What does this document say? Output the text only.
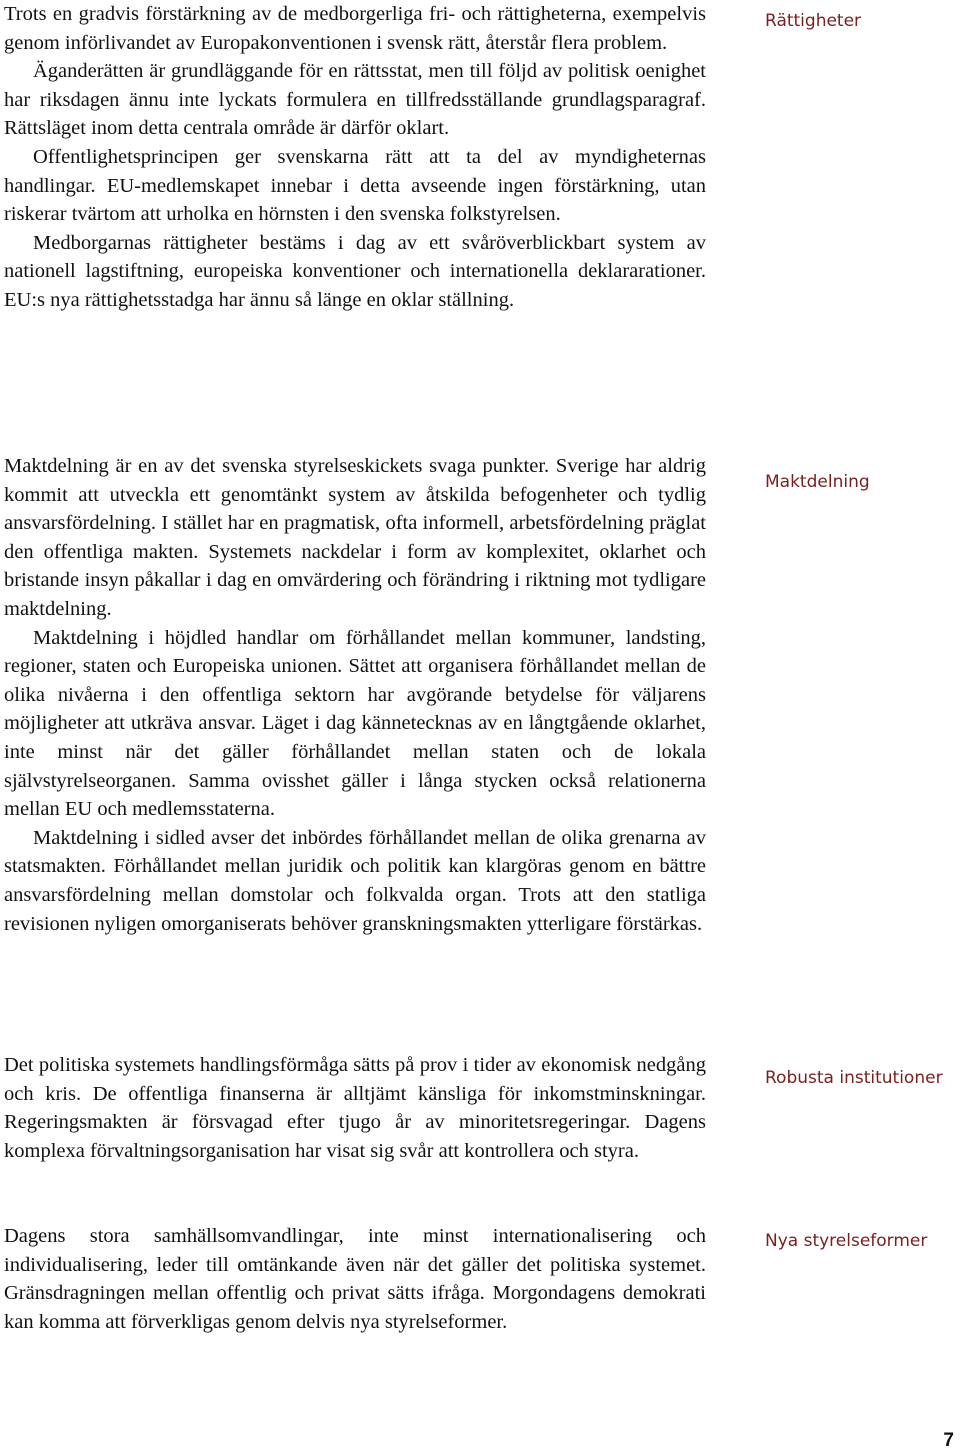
Trots en gradvis förstärkning av de medborgerliga fri- och rättigheterna, exempelvis genom införlivandet av Europakonventionen i svensk rätt, återstår flera problem.

Äganderätten är grundläggande för en rättsstat, men till följd av politisk oenighet har riksdagen ännu inte lyckats formulera en tillfredsställande grundlagsparagraf. Rättsläget inom detta centrala område är därför oklart.

Offentlighetsprincipen ger svenskarna rätt att ta del av myndigheternas handlingar. EU-medlemskapet innebar i detta avseende ingen förstärkning, utan riskerar tvärtom att urholka en hörnsten i den svenska folkstyrelsen.

Medborgarnas rättigheter bestäms i dag av ett svåröverblickbart system av nationell lagstiftning, europeiska konventioner och internationella deklararationer. EU:s nya rättighetsstadga har ännu så länge en oklar ställning.

Rättigheter

Maktdelning är en av det svenska styrelseskickets svaga punkter. Sverige har aldrig kommit att utveckla ett genomtänkt system av åtskilda befogenheter och tydlig ansvarsfördelning. I stället har en pragmatisk, ofta informell, arbetsfördelning präglat den offentliga makten. Systemets nackdelar i form av komplexitet, oklarhet och bristande insyn påkallar i dag en omvärdering och förändring i riktning mot tydligare maktdelning.

Maktdelning i höjdled handlar om förhållandet mellan kommuner, landsting, regioner, staten och Europeiska unionen. Sättet att organisera förhållandet mellan de olika nivåerna i den offentliga sektorn har avgörande betydelse för väljarens möjligheter att utkräva ansvar. Läget i dag kännetecknas av en långtgående oklarhet, inte minst när det gäller förhållandet mellan staten och de lokala självstyrelseorganen. Samma ovisshet gäller i långa stycken också relationerna mellan EU och medlemsstaterna.

Maktdelning i sidled avser det inbördes förhållandet mellan de olika grenarna av statsmakten. Förhållandet mellan juridik och politik kan klargöras genom en bättre ansvarsfördelning mellan domstolar och folkvalda organ. Trots att den statliga revisionen nyligen omorganiserats behöver granskningsmakten ytterligare förstärkas.

Maktdelning

Det politiska systemets handlingsförmåga sätts på prov i tider av ekonomisk nedgång och kris. De offentliga finanserna är alltjämt känsliga för inkomstminskningar. Regeringsmakten är försvagad efter tjugo år av minoritetsregeringar. Dagens komplexa förvaltningsorganisation har visat sig svår att kontrollera och styra.

Robusta institutioner

Dagens stora samhällsomvandlingar, inte minst internationalisering och individualisering, leder till omtänkande även när det gäller det politiska systemet. Gränsdragningen mellan offentlig och privat sätts ifråga. Morgondagens demokrati kan komma att förverkligas genom delvis nya styrelseformer.

Nya styrelseformer
7
